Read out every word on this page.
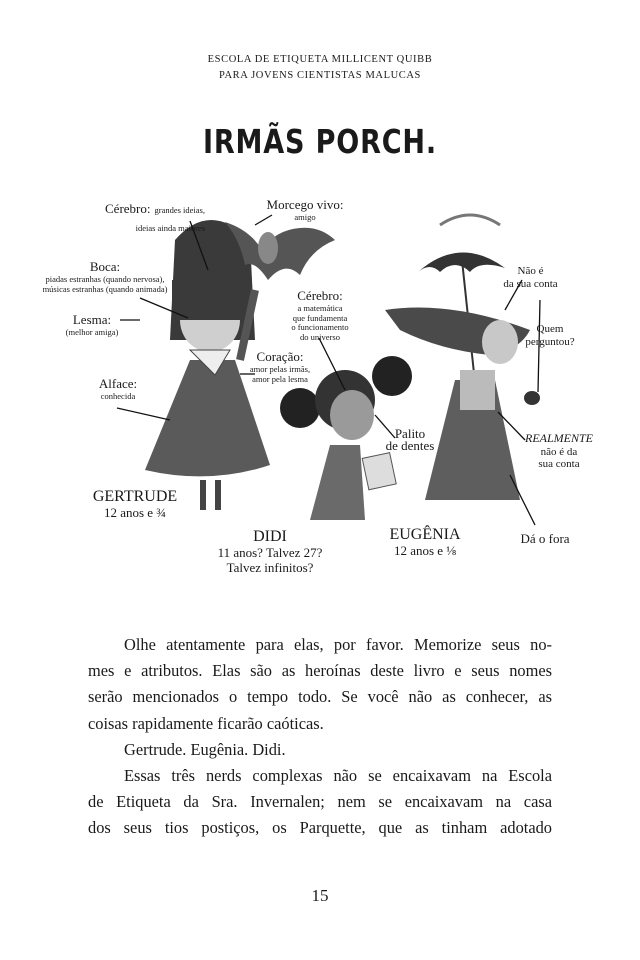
ESCOLA DE ETIQUETA MILLICENT QUIBB
PARA JOVENS CIENTISTAS MALUCAS
IRMÃS PORCH.
Cérebro: grandes ideias,
ideias ainda maiores
Morcego vivo:
amigo
Boca:
piadas estranhas (quando nervosa),
músicas estranhas (quando animada)
Lesma:
(melhor amiga)
Alface:
conhecida
Cérebro:
a matemática
que fundamenta
o funcionamento
do universo
Coração:
amor pelas irmãs,
amor pela lesma
Palito
de dentes
Não é
da sua conta
Quem
perguntou?
REALMENTE
não é da
sua conta
Dá o fora
GERTRUDE
12 anos e ¾
DIDI
11 anos? Talvez 27?
Talvez infinitos?
EUGÊNIA
12 anos e ⅛
Olhe atentamente para elas, por favor. Memorize seus no-
mes e atributos. Elas são as heroínas deste livro e seus nomes
serão mencionados o tempo todo. Se você não as conhecer, as
coisas rapidamente ficarão caóticas.
Gertrude. Eugênia. Didi.
Essas três nerds complexas não se encaixavam na Escola
de Etiqueta da Sra. Invernalen; nem se encaixavam na casa
dos seus tios postiços, os Parquette, que as tinham adotado
15
